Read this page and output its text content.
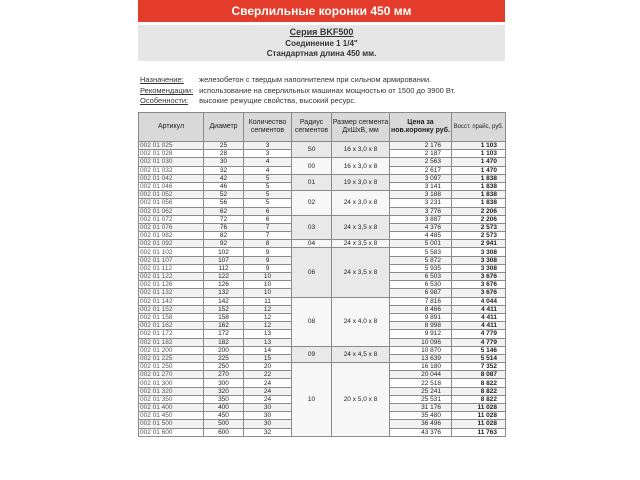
Сверлильные коронки 450 мм
Серия BKF500
Соединение 1 1/4"
Стандартная длина 450 мм.
Назначение: железобетон с твердым наполнителем при сильном армировании.
Рекомендации: использование на сверлильных машинах мощностью от 1500 до 3900 Вт.
Особенности: высокие режущие свойства, высокий ресурс.
Артикул	Диаметр	Количество сегментов	Радиус сегментов	Размер сегмента ДхШхВ, мм	Цена за нов.коронку руб.	Восст. прайс, руб.
002 01 025	25	3	S0	16 х 3,0 х 8	2 176	1 103
002 01 028	28	3			2 187	1 103
002 01 030	30	4	00	16 х 3,0 х 8	2 563	1 470
002 01 032	32	4			2 617	1 470
002 01 042	42	5	01	19 х 3,0 х 8	3 097	1 838
002 01 046	46	5			3 141	1 838
002 01 052	52	5	02	24 х 3,0 х 8	3 188	1 838
002 01 056	56	5			3 231	1 838
002 01 062	62	6			3 776	2 206
002 01 072	72	6	03	24 х 3,5 х 8	3 887	2 206
002 01 076	76	7			4 376	2 573
002 01 082	82	7			4 485	2 573
002 01 092	92	8	04	24 х 3,5 х 8	5 001	2 941
002 01 102	102	9	06	24 х 3,5 х 8	5 583	3 308
002 01 107	107	9			5 872	3 308
002 01 112	112	9			5 935	3 308
002 01 122	122	10			6 503	3 676
002 01 126	126	10			6 530	3 676
002 01 132	132	10			6 987	3 676
002 01 142	142	11	08	24 х 4,0 х 8	7 816	4 044
002 01 152	152	12			8 466	4 411
002 01 158	158	12			9 891	4 411
002 01 162	162	12			8 998	4 411
002 01 172	172	13			9 912	4 779
002 01 182	182	13			10 096	4 779
002 01 200	200	14	09	24 х 4,5 х 8	10 870	5 146
002 01 225	225	15			13 639	5 514
002 01 250	250	20	10	20 х 5,0 х 8	16 180	7 352
002 01 270	270	22			20 044	8 087
002 01 300	300	24			22 518	8 822
002 01 320	320	24			25 241	8 822
002 01 350	350	24			25 531	8 822
002 01 400	400	30			31 176	11 028
002 01 450	450	30			35 480	11 028
002 01 500	500	30			36 496	11 028
002 01 600	600	32			43 376	11 763
